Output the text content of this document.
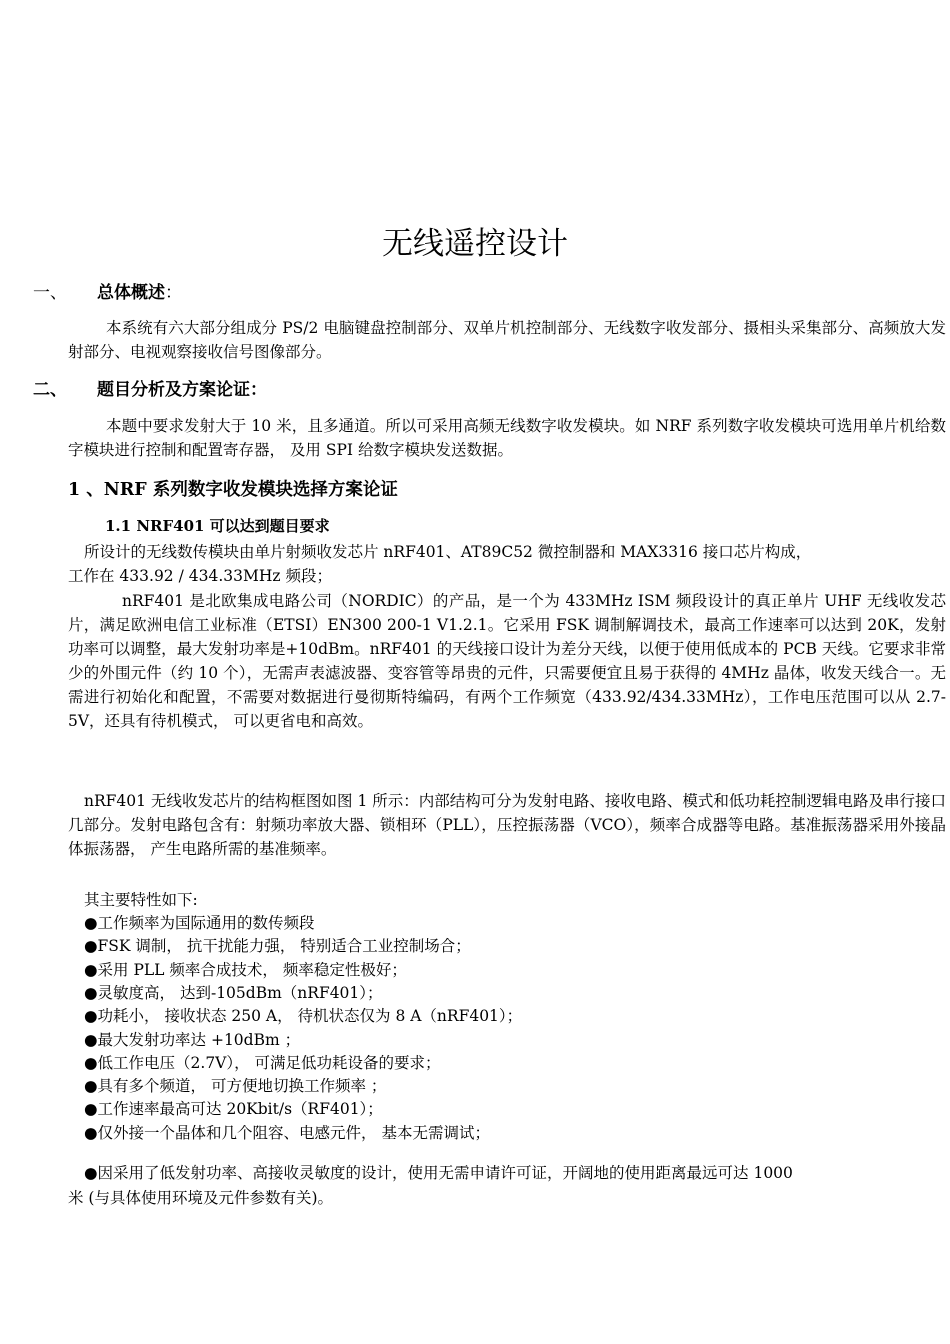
无线遥控设计
一、 总体概述：
本系统有六大部分组成分 PS/2 电脑键盘控制部分、双单片机控制部分、无线数字收发部分、摄相头采集部分、高频放大发射部分、电视观察接收信号图像部分。
二、 题目分析及方案论证：
本题中要求发射大于 10 米，且多通道。所以可采用高频无线数字收发模块。如 NRF 系列数字收发模块可选用单片机给数字模块进行控制和配置寄存器， 及用 SPI 给数字模块发送数据。
1 、NRF 系列数字收发模块选择方案论证
1.1 NRF401 可以达到题目要求
所设计的无线数传模块由单片射频收发芯片 nRF401、AT89C52 微控制器和 MAX3316 接口芯片构成，
工作在 433.92 / 434.33MHz 频段；
nRF401 是北欧集成电路公司（NORDIC）的产品，是一个为 433MHz ISM 频段设计的真正单片 UHF 无线收发芯片，满足欧洲电信工业标准（ETSI）EN300 200-1 V1.2.1。它采用 FSK 调制解调技术，最高工作速率可以达到 20K，发射功率可以调整，最大发射功率是+10dBm。nRF401 的天线接口设计为差分天线，以便于使用低成本的 PCB 天线。它要求非常少的外围元件（约 10 个），无需声表滤波器、变容管等昂贵的元件，只需要便宜且易于获得的 4MHz 晶体，收发天线合一。无需进行初始化和配置，不需要对数据进行曼彻斯特编码，有两个工作频宽（433.92/434.33MHz），工作电压范围可以从 2.7-5V，还具有待机模式， 可以更省电和高效。
nRF401 无线收发芯片的结构框图如图 1 所示：内部结构可分为发射电路、接收电路、模式和低功耗控制逻辑电路及串行接口几部分。发射电路包含有：射频功率放大器、锁相环（PLL），压控振荡器（VCO），频率合成器等电路。基准振荡器采用外接晶体振荡器， 产生电路所需的基准频率。
其主要特性如下:
●工作频率为国际通用的数传频段
●FSK 调制， 抗干扰能力强， 特别适合工业控制场合；
●采用 PLL 频率合成技术， 频率稳定性极好；
●灵敏度高， 达到-105dBm（nRF401）；
●功耗小， 接收状态 250 A， 待机状态仅为 8 A（nRF401）；
●最大发射功率达 +10dBm ；
●低工作电压（2.7V）， 可满足低功耗设备的要求；
●具有多个频道， 可方便地切换工作频率 ；
●工作速率最高可达 20Kbit/s（RF401）；
●仅外接一个晶体和几个阻容、电感元件， 基本无需调试；
●因采用了低发射功率、高接收灵敏度的设计，使用无需申请许可证，开阔地的使用距离最远可达 1000
米 (与具体使用环境及元件参数有关)。
